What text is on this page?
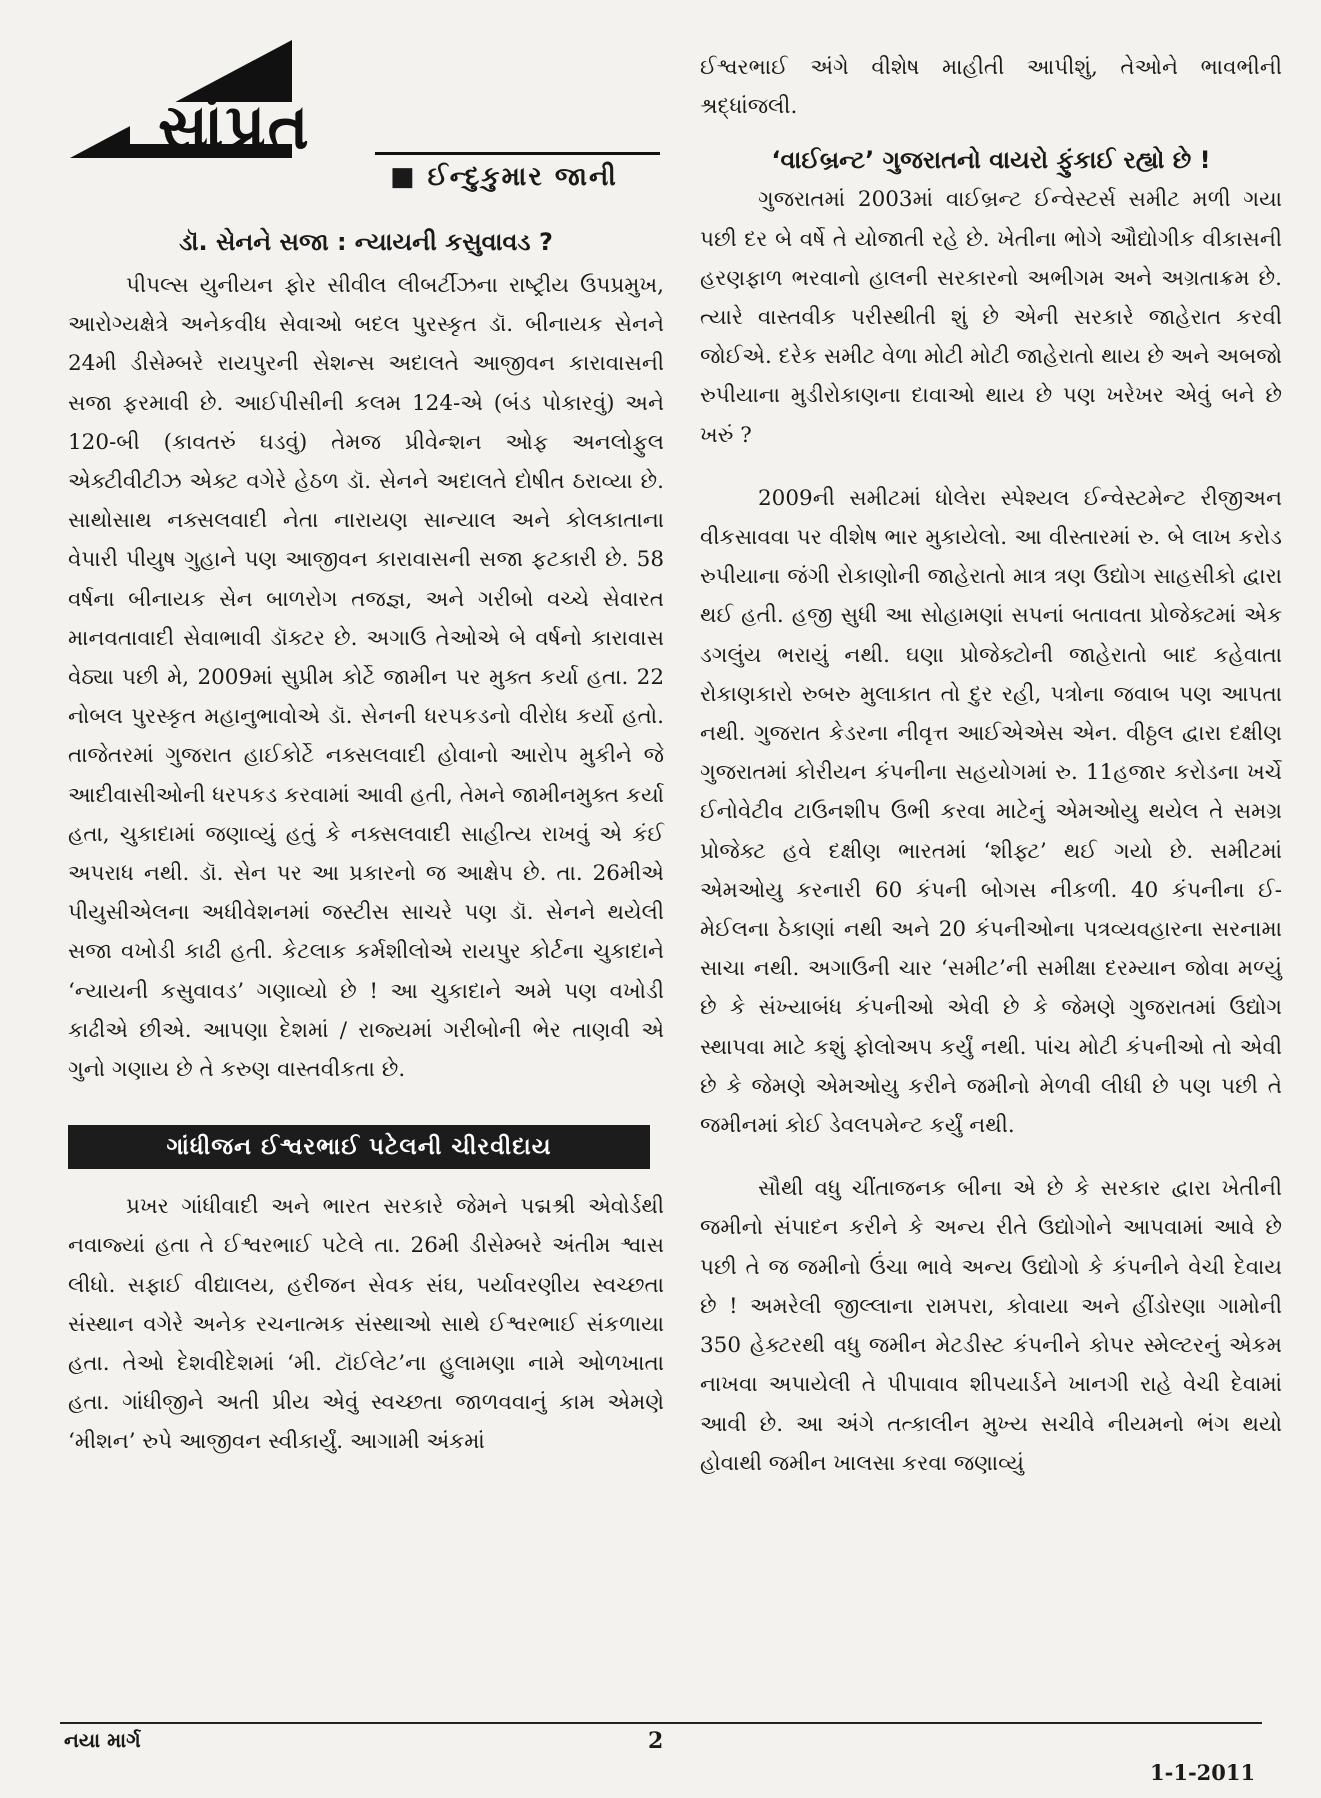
સાંપ્રત
■ ઈન્દુકુમાર જાની
ડૉ. સેનને સજા : ન્યાયની કસુવાવડ ?

પીપલ્સ યુનીયન ફોર સીવીલ લીબર્ટીઝના રાષ્ટ્રીય ઉપપ્રમુખ, આરોગ્યક્ષેત્રે અનેકવીધ સેવાઓ બદલ પુરસ્કૃત ડૉ. બીનાયક સેનને 24મી ડીસેમ્બરે રાયપુરની સેશન્સ અદાલતે આજીવન કારાવાસની સજા ફરમાવી છે. આઈપીસીની કલમ 124-એ (બંડ પોકારવું) અને 120-બી (કાવતરું ઘડવું) તેમજ પ્રીવેન્શન ઓફ અનલોફુલ એક્ટીવીટીઝ એક્ટ વગેરે હેઠળ ડૉ. સેનને અદાલતે દોષીત ઠરાવ્યા છે. સાથોસાથ નક્સલવાદી નેતા નારાયણ સાન્યાલ અને કોલકાતાના વેપારી પીયુષ ગુહાને પણ આજીવન કારાવાસની સજા ફટકારી છે. 58 વર્ષના બીનાયક સેન બાળરોગ તજજ્ઞ, અને ગરીબો વચ્ચે સેવારત માનવતાવાદી સેવાભાવી ડૉક્ટર છે. અગાઉ તેઓએ બે વર્ષનો કારાવાસ વેઠ્યા પછી મે, 2009માં સુપ્રીમ કોર્ટે જામીન પર મુક્ત કર્યા હતા. 22 નોબલ પુરસ્કૃત મહાનુભાવોએ ડૉ. સેનની ધરપકડનો વીરોધ કર્યો હતો. તાજેતરમાં ગુજરાત હાઈકોર્ટે નક્સલવાદી હોવાનો આરોપ મુકીને જે આદીવાસીઓની ધરપકડ કરવામાં આવી હતી, તેમને જામીનમુક્ત કર્યા હતા, ચુકાદામાં જણાવ્યું હતું કે નક્સલવાદી સાહીત્ય રાખવું એ કંઈ અપરાધ નથી. ડૉ. સેન પર આ પ્રકારનો જ આક્ષેપ છે. તા. 26મીએ પીયુસીએલના અધીવેશનમાં જસ્ટીસ સાચરે પણ ડૉ. સેનને થયેલી સજા વખોડી કાઢી હતી. કેટલાક કર્મશીલોએ રાયપુર કોર્ટના ચુકાદાને ‘ન્યાયની કસુવાવડ’ ગણાવ્યો છે ! આ ચુકાદાને અમે પણ વખોડી કાઢીએ છીએ. આપણા દેશમાં / રાજ્યમાં ગરીબોની ભેર તાણવી એ ગુનો ગણાય છે તે કરુણ વાસ્તવીકતા છે.

ગાંધીજન ઈશ્વરભાઈ પટેલની ચીરવીદાય

પ્રખર ગાંધીવાદી અને ભારત સરકારે જેમને પદ્મશ્રી એવોર્ડથી નવાજ્યાં હતા તે ઈશ્વરભાઈ પટેલે તા. 26મી ડીસેમ્બરે અંતીમ શ્વાસ લીધો. સફાઈ વીદ્યાલય, હરીજન સેવક સંઘ, પર્યાવરણીય સ્વચ્છતા સંસ્થાન વગેરે અનેક રચનાત્મક સંસ્થાઓ સાથે ઈશ્વરભાઈ સંકળાયા હતા. તેઓ દેશવીદેશમાં ‘મી. ટૉઈલેટ’ના હુલામણા નામે ઓળખાતા હતા. ગાંધીજીને અતી પ્રીય એવું સ્વચ્છતા જાળવવાનું કામ એમણે ‘મીશન’ રુપે આજીવન સ્વીકાર્યું. આગામી અંકમાં

ઈશ્વરભાઈ અંગે વીશેષ માહીતી આપીશું, તેઓને ભાવભીની શ્રદ્ધાંજલી.

‘વાઈબ્રન્ટ’ ગુજરાતનો વાયરો ફુંકાઈ રહ્યો છે !

ગુજરાતમાં 2003માં વાઈબ્રન્ટ ઈન્વેસ્ટર્સ સમીટ મળી ગયા પછી દર બે વર્ષે તે યોજાતી રહે છે. ખેતીના ભોગે ઔદ્યોગીક વીકાસની હરણફાળ ભરવાનો હાલની સરકારનો અભીગમ અને અગ્રતાક્રમ છે. ત્યારે વાસ્તવીક પરીસ્થીતી શું છે એની સરકારે જાહેરાત કરવી જોઈએ. દરેક સમીટ વેળા મોટી મોટી જાહેરાતો થાય છે અને અબજો રુપીયાના મુડીરોકાણના દાવાઓ થાય છે પણ ખરેખર એવું બને છે ખરું ?

2009ની સમીટમાં ધોલેરા સ્પેશ્યલ ઈન્વેસ્ટમેન્ટ રીજીઅન વીકસાવવા પર વીશેષ ભાર મુકાયેલો. આ વીસ્તારમાં રુ. બે લાખ કરોડ રુપીયાના જંગી રોકાણોની જાહેરાતો માત્ર ત્રણ ઉદ્યોગ સાહસીકો દ્વારા થઈ હતી. હજી સુધી આ સોહામણાં સપનાં બતાવતા પ્રોજેક્ટમાં એક ડગલુંય ભરાયું નથી. ઘણા પ્રોજેક્ટોની જાહેરાતો બાદ કહેવાતા રોકાણકારો રુબરુ મુલાકાત તો દુર રહી, પત્રોના જવાબ પણ આપતા નથી. ગુજરાત કેડરના નીવૃત્ત આઈએએસ એન. વીઠ્ઠલ દ્વારા દક્ષીણ ગુજરાતમાં કોરીયન કંપનીના સહયોગમાં રુ. 11હજાર કરોડના ખર્ચે ઈનોવેટીવ ટાઉનશીપ ઉભી કરવા માટેનું એમઓયુ થયેલ તે સમગ્ર પ્રોજેક્ટ હવે દક્ષીણ ભારતમાં ‘શીફ્ટ’ થઈ ગયો છે. સમીટમાં એમઓયુ કરનારી 60 કંપની બોગસ નીકળી. 40 કંપનીના ઈ-મેઈલના ઠેકાણાં નથી અને 20 કંપનીઓના પત્રવ્યવહારના સરનામા સાચા નથી. અગાઉની ચાર ‘સમીટ’ની સમીક્ષા દરમ્યાન જોવા મળ્યું છે કે સંખ્યાબંધ કંપનીઓ એવી છે કે જેમણે ગુજરાતમાં ઉદ્યોગ સ્થાપવા માટે કશું ફોલોઅપ કર્યું નથી. પાંચ મોટી કંપનીઓ તો એવી છે કે જેમણે એમઓયુ કરીને જમીનો મેળવી લીધી છે પણ પછી તે જમીનમાં કોઈ ડેવલપમેન્ટ કર્યું નથી.

સૌથી વધુ ચીંતાજનક બીના એ છે કે સરકાર દ્વારા ખેતીની જમીનો સંપાદન કરીને કે અન્ય રીતે ઉદ્યોગોને આપવામાં આવે છે પછી તે જ જમીનો ઉંચા ભાવે અન્ય ઉદ્યોગો કે કંપનીને વેચી દેવાય છે ! અમરેલી જીલ્લાના રામપરા, કોવાયા અને હીંડોરણા ગામોની 350 હેક્ટરથી વધુ જમીન મેટડીસ્ટ કંપનીને કોપર સ્મેલ્ટરનું એકમ નાખવા અપાયેલી તે પીપાવાવ શીપયાર્ડને ખાનગી રાહે વેચી દેવામાં આવી છે. આ અંગે તત્કાલીન મુખ્ય સચીવે નીયમનો ભંગ થયો હોવાથી જમીન ખાલસા કરવા જણાવ્યું

નયા માર્ગ	2
1-1-2011
